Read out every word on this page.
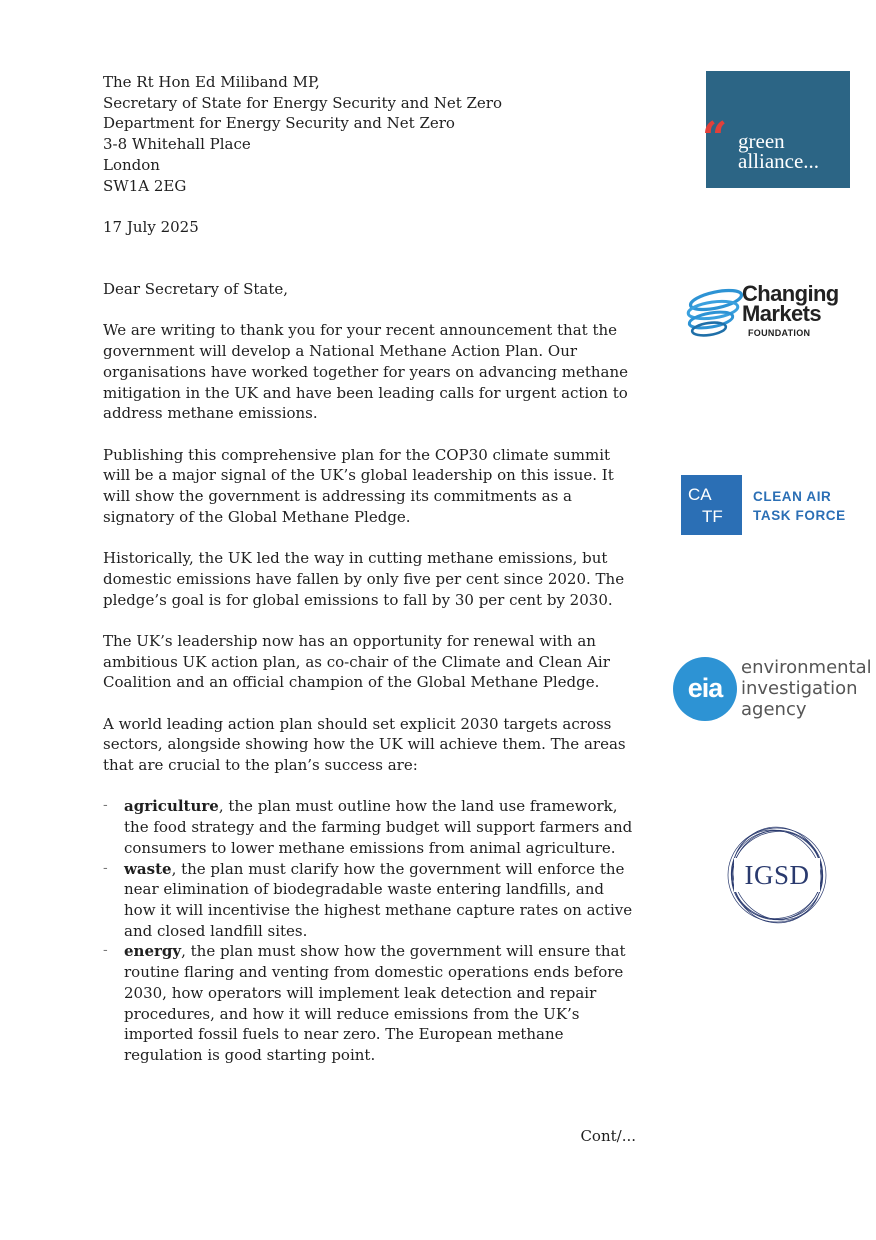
The Rt Hon Ed Miliband MP,
Secretary of State for Energy Security and Net Zero
Department for Energy Security and Net Zero
3-8 Whitehall Place
London
SW1A 2EG

17 July 2025

Dear Secretary of State,

We are writing to thank you for your recent announcement that the government will develop a National Methane Action Plan. Our organisations have worked together for years on advancing methane mitigation in the UK and have been leading calls for urgent action to address methane emissions.

Publishing this comprehensive plan for the COP30 climate summit will be a major signal of the UK’s global leadership on this issue. It will show the government is addressing its commitments as a signatory of the Global Methane Pledge.

Historically, the UK led the way in cutting methane emissions, but domestic emissions have fallen by only five per cent since 2020. The pledge’s goal is for global emissions to fall by 30 per cent by 2030.

The UK’s leadership now has an opportunity for renewal with an ambitious UK action plan, as co-chair of the Climate and Clean Air Coalition and an official champion of the Global Methane Pledge.

A world leading action plan should set explicit 2030 targets across sectors, alongside showing how the UK will achieve them. The areas that are crucial to the plan’s success are:

- agriculture, the plan must outline how the land use framework, the food strategy and the farming budget will support farmers and consumers to lower methane emissions from animal agriculture.
- waste, the plan must clarify how the government will enforce the near elimination of biodegradable waste entering landfills, and how it will incentivise the highest methane capture rates on active and closed landfill sites.
- energy, the plan must show how the government will ensure that routine flaring and venting from domestic operations ends before 2030, how operators will implement leak detection and repair procedures, and how it will reduce emissions from the UK’s imported fossil fuels to near zero. The European methane regulation is good starting point.
Cont/...
“ green
alliance...
Changing
Markets
FOUNDATION
CA
TF
CLEAN AIR
TASK FORCE
eia
environmental
investigation
agency
IGSD
